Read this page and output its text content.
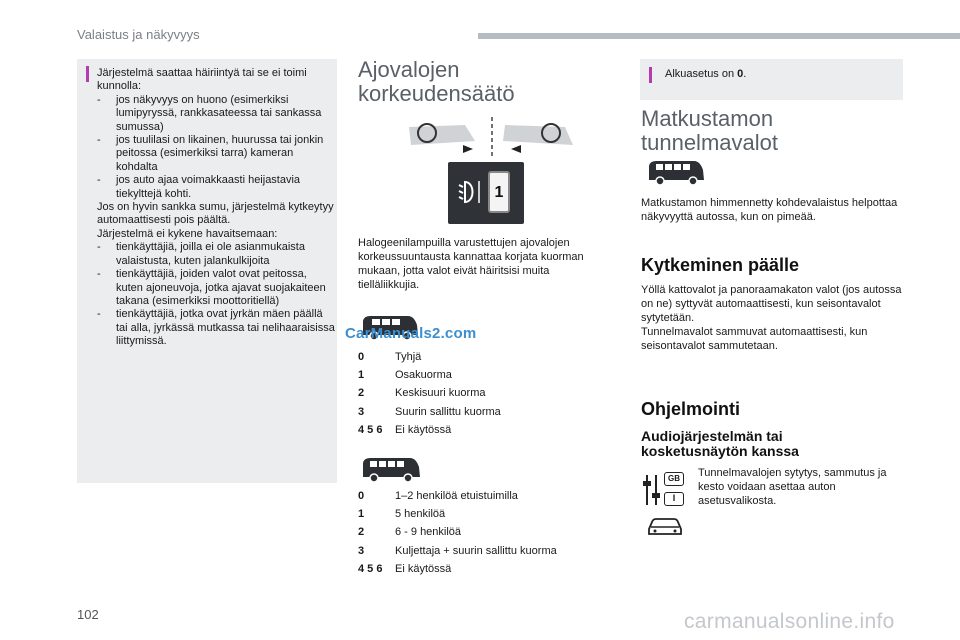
Valaistus ja näkyvyys
Järjestelmä saattaa häiriintyä tai se ei toimi kunnolla:
- jos näkyvyys on huono (esimerkiksi lumipyryssä, rankkasateessa tai sankassa sumussa)
- jos tuulilasi on likainen, huurussa tai jonkin peitossa (esimerkiksi tarra) kameran kohdalta
- jos auto ajaa voimakkaasti heijastavia tiekylttejä kohti.
Jos on hyvin sankka sumu, järjestelmä kytkeytyy automaattisesti pois päältä.
Järjestelmä ei kykene havaitsemaan:
- tienkäyttäjiä, joilla ei ole asianmukaista valaistusta, kuten jalankulkijoita
- tienkäyttäjiä, joiden valot ovat peitossa, kuten ajoneuvoja, jotka ajavat suojakaiteen takana (esimerkiksi moottoritiellä)
- tienkäyttäjiä, jotka ovat jyrkän mäen päällä tai alla, jyrkässä mutkassa tai nelihaaraisissa liittymissä.
Ajovalojen
korkeudensäätö
1
Halogeenilampuilla varustettujen ajovalojen korkeussuuntausta kannattaa korjata kuorman mukaan, jotta valot eivät häiritsisi muita tielläliikkujia.
CarManuals2.com
0	Tyhjä
1	Osakuorma
2	Keskisuuri kuorma
3	Suurin sallittu kuorma
4 5 6	Ei käytössä
0	1–2 henkilöä etuistuimilla
1	5 henkilöä
2	6 - 9 henkilöä
3	Kuljettaja + suurin sallittu kuorma
4 5 6	Ei käytössä
Alkuasetus on 0.
Matkustamon
tunnelmavalot
Matkustamon himmennetty kohdevalaistus helpottaa näkyvyyttä autossa, kun on pimeää.
Kytkeminen päälle
Yöllä kattovalot ja panoraamakaton valot (jos autossa on ne) syttyvät automaattisesti, kun seisontavalot sytytetään.
Tunnelmavalot sammuvat automaattisesti, kun seisontavalot sammutetaan.
Ohjelmointi
Audiojärjestelmän tai
kosketusnäytön kanssa
GB
I
Tunnelmavalojen sytytys, sammutus ja kesto voidaan asettaa auton asetusvalikosta.
102	carmanualsonline.info
